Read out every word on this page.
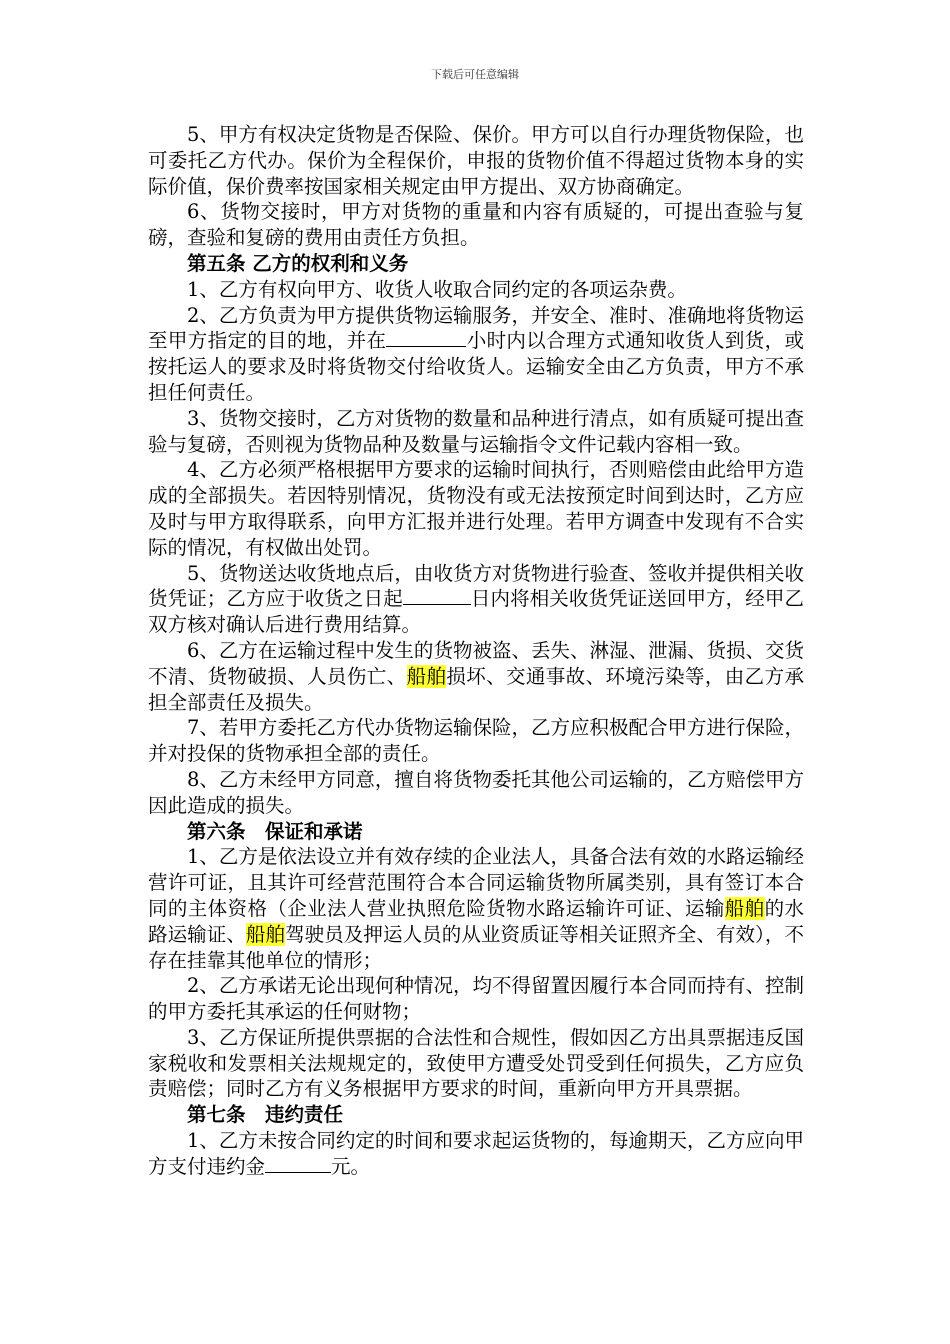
下载后可任意编辑

5、甲方有权决定货物是否保险、保价。甲方可以自行办理货物保险，也可委托乙方代办。保价为全程保价，申报的货物价值不得超过货物本身的实际价值，保价费率按国家相关规定由甲方提出、双方协商确定。

6、货物交接时，甲方对货物的重量和内容有质疑的，可提出查验与复磅，查验和复磅的费用由责任方负担。

第五条 乙方的权利和义务

1、乙方有权向甲方、收货人收取合同约定的各项运杂费。

2、乙方负责为甲方提供货物运输服务，并安全、准时、准确地将货物运至甲方指定的目的地，并在	小时内以合理方式通知收货人到货，或按托运人的要求及时将货物交付给收货人。运输安全由乙方负责，甲方不承担任何责任。

3、货物交接时，乙方对货物的数量和品种进行清点，如有质疑可提出查验与复磅，否则视为货物品种及数量与运输指令文件记载内容相一致。

4、乙方必须严格根据甲方要求的运输时间执行，否则赔偿由此给甲方造成的全部损失。若因特别情况，货物没有或无法按预定时间到达时，乙方应及时与甲方取得联系，向甲方汇报并进行处理。若甲方调查中发现有不合实际的情况，有权做出处罚。

5、货物送达收货地点后，由收货方对货物进行验查、签收并提供相关收货凭证；乙方应于收货之日起	日内将相关收货凭证送回甲方，经甲乙双方核对确认后进行费用结算。

6、乙方在运输过程中发生的货物被盗、丢失、淋湿、泄漏、货损、交货不清、货物破损、人员伤亡、船舶损坏、交通事故、环境污染等，由乙方承担全部责任及损失。

7、若甲方委托乙方代办货物运输保险，乙方应积极配合甲方进行保险，并对投保的货物承担全部的责任。

8、乙方未经甲方同意，擅自将货物委托其他公司运输的，乙方赔偿甲方因此造成的损失。

第六条　保证和承诺

1、乙方是依法设立并有效存续的企业法人，具备合法有效的水路运输经营许可证，且其许可经营范围符合本合同运输货物所属类别，具有签订本合同的主体资格（企业法人营业执照危险货物水路运输许可证、运输船舶的水路运输证、船舶驾驶员及押运人员的从业资质证等相关证照齐全、有效），不存在挂靠其他单位的情形；

2、乙方承诺无论出现何种情况，均不得留置因履行本合同而持有、控制的甲方委托其承运的任何财物；

3、乙方保证所提供票据的合法性和合规性，假如因乙方出具票据违反国家税收和发票相关法规规定的，致使甲方遭受处罚受到任何损失，乙方应负责赔偿；同时乙方有义务根据甲方要求的时间，重新向甲方开具票据。

第七条　违约责任

1、乙方未按合同约定的时间和要求起运货物的，每逾期天，乙方应向甲方支付违约金	元。
